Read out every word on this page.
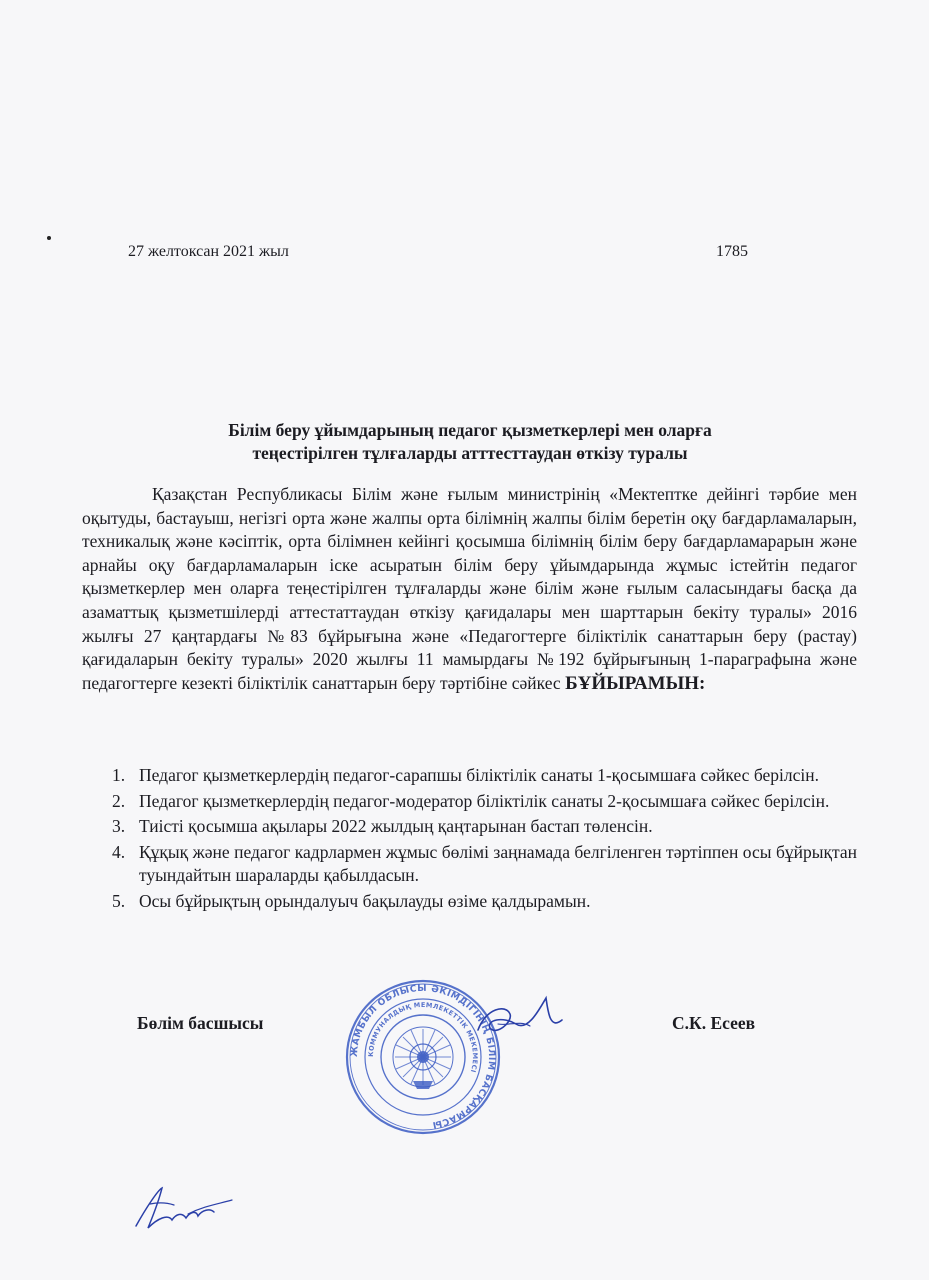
27 желтоксан 2021 жыл	1785
Білім беру ұйымдарының педагог қызметкерлері мен оларға
теңестірілген тұлғаларды атттесттаудан өткізу туралы
Қазақстан Республикасы Білім және ғылым министрінің «Мектептке дейінгі тәрбие мен оқытуды, бастауыш, негізгі орта және жалпы орта білімнің жалпы білім беретін оқу бағдарламаларын, техникалық және кәсіптік, орта білімнен кейінгі қосымша білімнің білім беру бағдарламарарын және арнайы оқу бағдарламаларын іске асыратын білім беру ұйымдарында жұмыс істейтін педагог қызметкерлер мен оларға теңестірілген тұлғаларды және білім және ғылым саласындағы басқа да азаматтық қызметшілерді аттестаттаудан өткізу қағидалары мен шарттарын бекіту туралы» 2016 жылғы 27 қаңтардағы №83 бұйрығына және «Педагогтерге біліктілік санаттарын беру (растау) қағидаларын бекіту туралы» 2020 жылғы 11 мамырдағы №192 бұйрығының 1-параграфына және педагогтерге кезекті біліктілік санаттарын беру тәртібіне сәйкес БҰЙЫРАМЫН:
1. Педагог қызметкерлердің педагог-сарапшы біліктілік санаты 1-қосымшаға сәйкес берілсін.
2. Педагог қызметкерлердің педагог-модератор біліктілік санаты 2-қосымшаға сәйкес берілсін.
3. Тиісті қосымша ақылары 2022 жылдың қаңтарынан бастап төленсін.
4. Құқық және педагог кадрлармен жұмыс бөлімі заңнамада белгіленген тәртіппен осы бұйрықтан туындайтын шараларды қабылдасын.
5. Осы бұйрықтың орындалуыч бақылауды өзіме қалдырамын.
Бөлім басшысы	С.К. Есеев
ЖАМБЫЛ ОБЛЫСЫ ӘКІМДІГІНІҢ БІЛІМ БАСҚАРМАСЫ
КОММУНАЛДЫҚ МЕМЛЕКЕТТІК МЕКЕМЕСІ
